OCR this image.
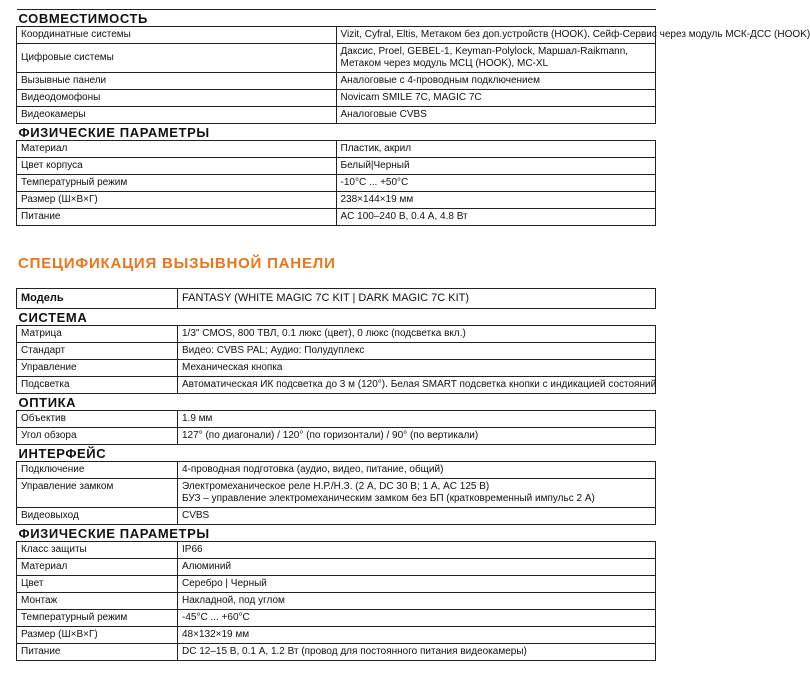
СОВМЕСТИМОСТЬ	
Координатные системы	Vizit, Cyfral, Eltis, Метаком без доп.устройств (HOOK). Сейф-Сервис через модуль МСК-ДСС (HOOK)
Цифровые системы	Даксис, Proel, GEBEL-1, Keyman-Polylock, Маршал-Raikmann, Метаком через модуль МСЦ (HOOK), МС-XL
Вызывные панели	Аналоговые с 4-проводным подключением
Видеодомофоны	Novicam SMILE 7C, MAGIC 7C
Видеокамеры	Аналоговые CVBS
ФИЗИЧЕСКИЕ ПАРАМЕТРЫ	
Материал	Пластик, акрил
Цвет корпуса	Белый|Черный
Температурный режим	-10°C ... +50°C
Размер (Ш×В×Г)	238×144×19 мм
Питание	AC 100–240 В, 0.4 А, 4.8 Вт
СПЕЦИФИКАЦИЯ ВЫЗЫВНОЙ ПАНЕЛИ
Модель	FANTASY (WHITE MAGIC 7C KIT | DARK MAGIC 7C KIT)
СИСТЕМА	
Матрица	1/3" CMOS, 800 ТВЛ, 0.1 люкс (цвет), 0 люкс (подсветка вкл.)
Стандарт	Видео: CVBS PAL; Аудио: Полудуплекс
Управление	Механическая кнопка
Подсветка	Автоматическая ИК подсветка до 3 м (120°). Белая SMART подсветка кнопки с индикацией состояний
ОПТИКА	
Объектив	1.9 мм
Угол обзора	127° (по диагонали) / 120° (по горизонтали) / 90° (по вертикали)
ИНТЕРФЕЙС	
Подключение	4-проводная подготовка (аудио, видео, питание, общий)
Управление замком	Электромеханическое реле Н.Р./Н.З. (2 А, DC 30 В; 1 А, AC 125 В)
БУЗ – управление электромеханическим замком без БП (кратковременный импульс 2 А)

Видеовыход	CVBS
ФИЗИЧЕСКИЕ ПАРАМЕТРЫ	
Класс защиты	IP66
Материал	Алюминий
Цвет	Серебро | Черный
Монтаж	Накладной, под углом
Температурный режим	-45°C ... +60°C
Размер (Ш×В×Г)	48×132×19 мм
Питание	DC 12–15 В, 0.1 А, 1.2 Вт (провод для постоянного питания видеокамеры)
